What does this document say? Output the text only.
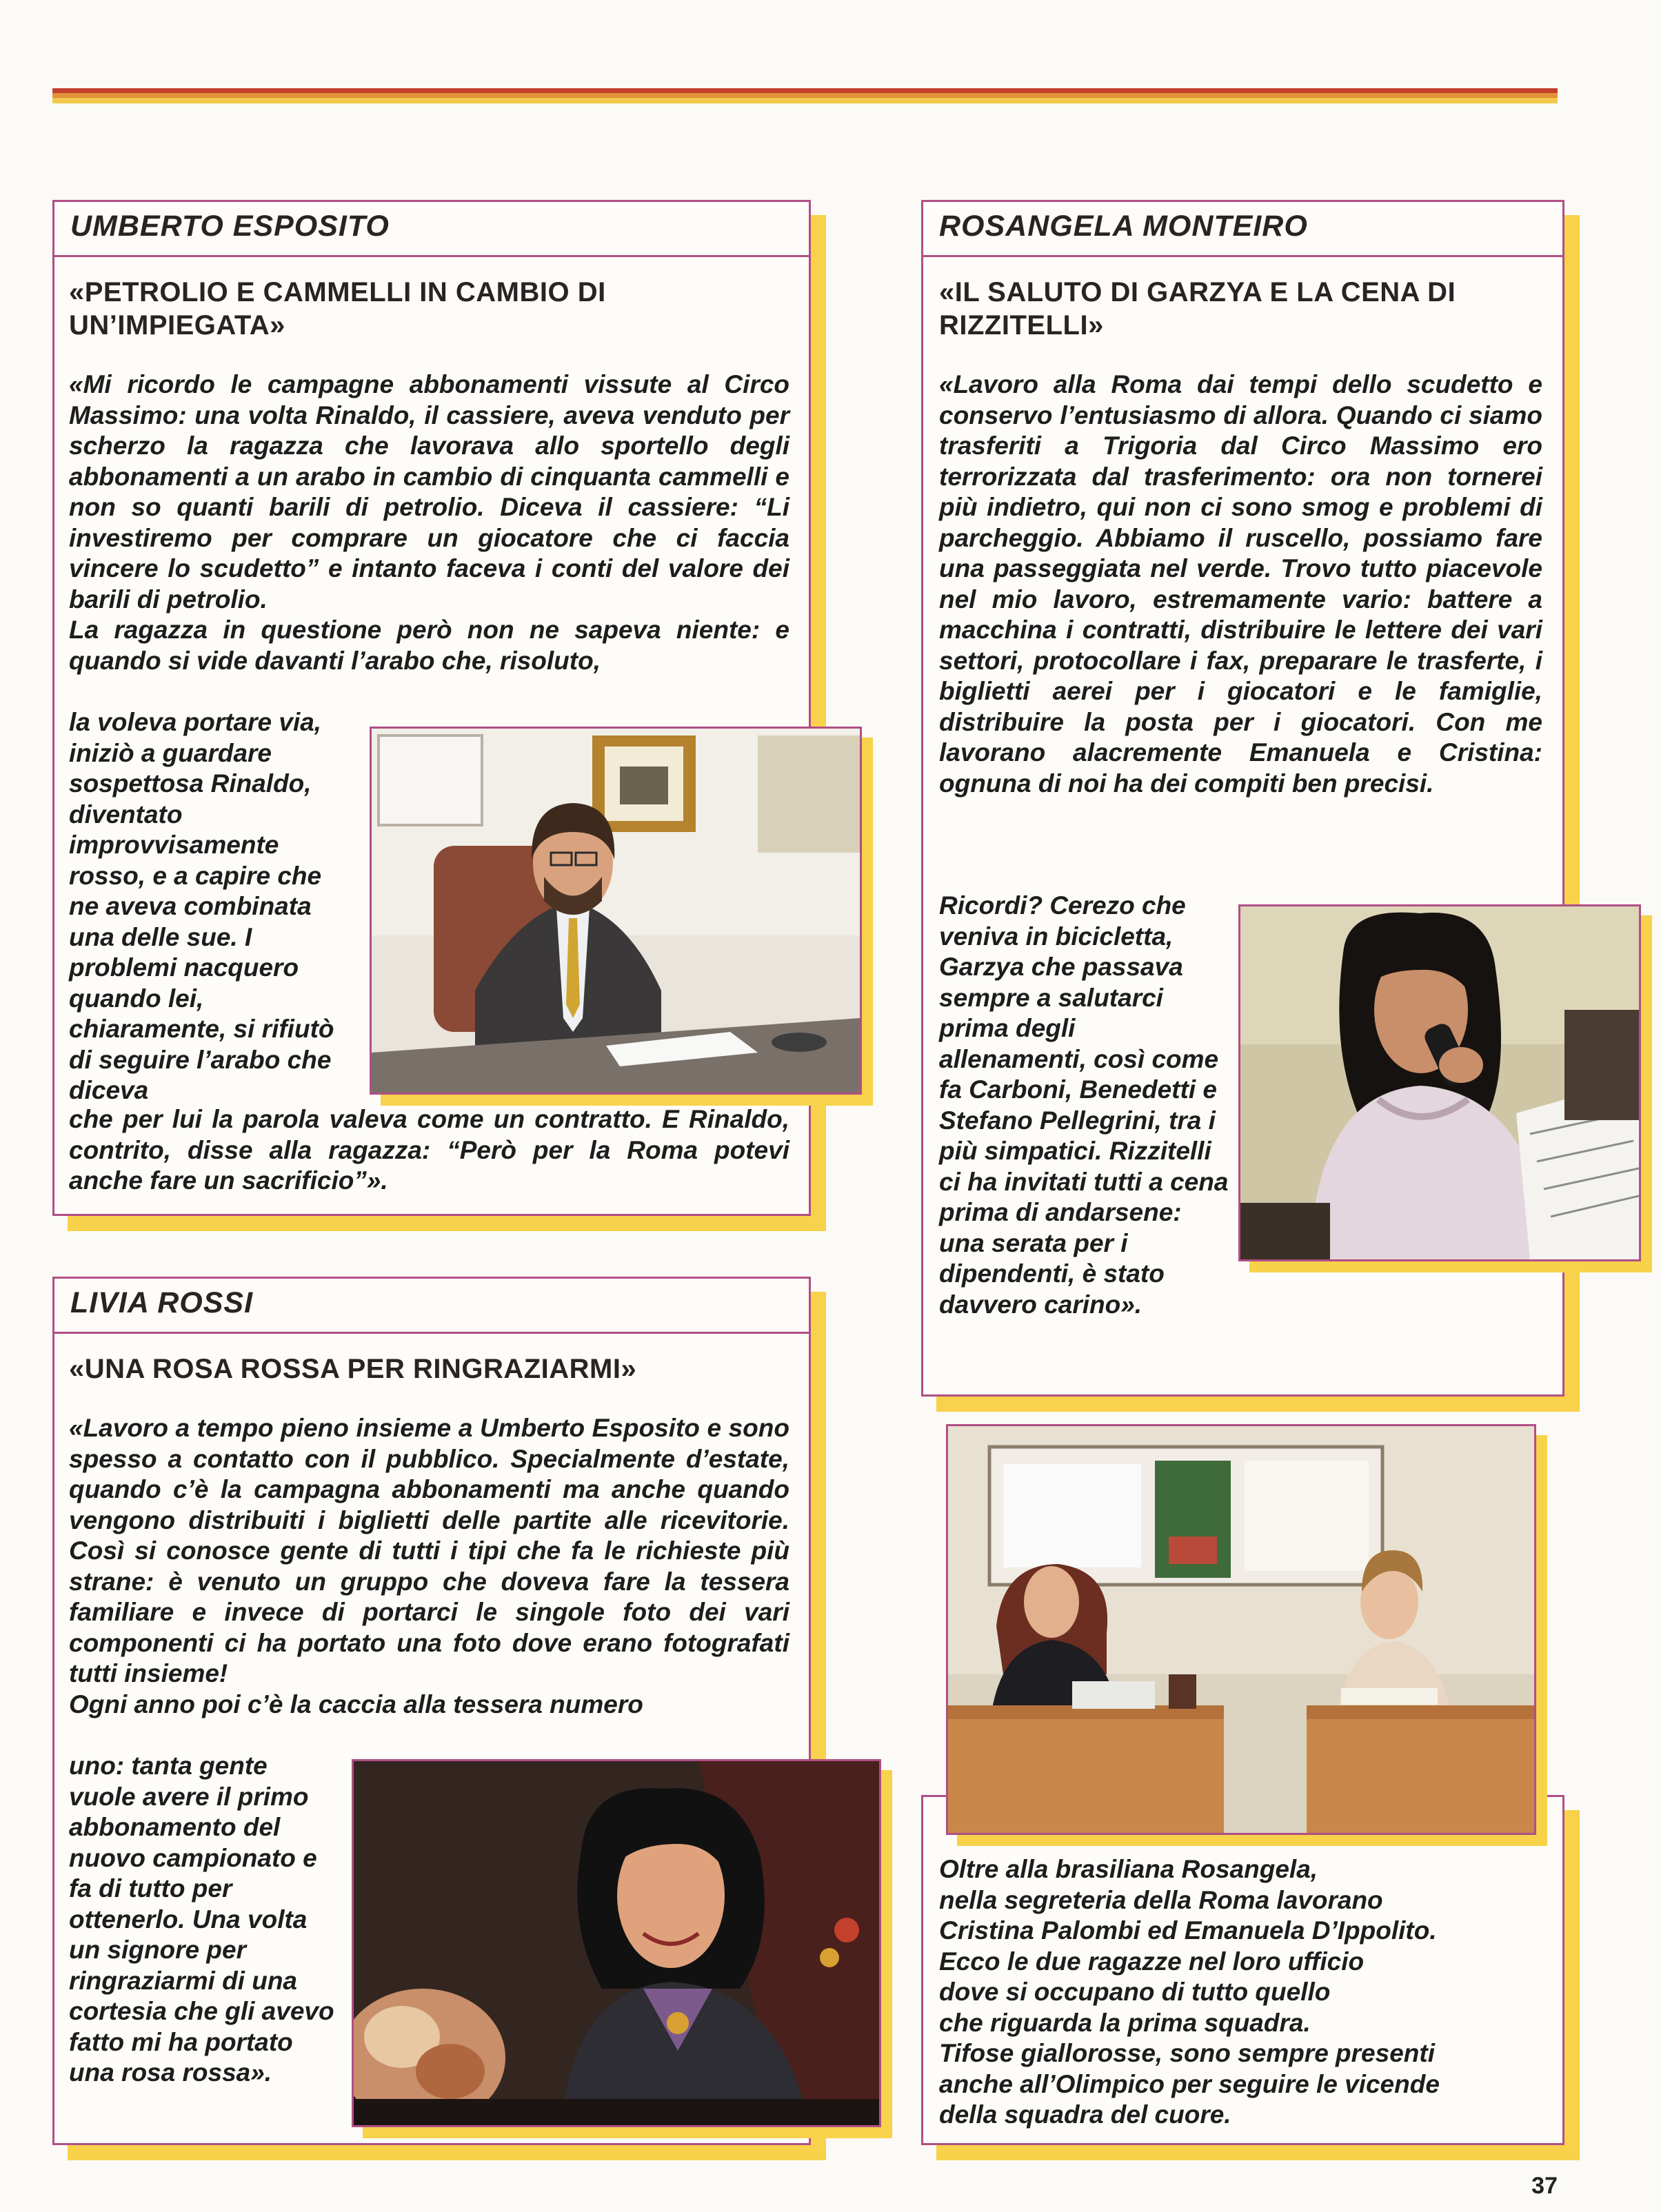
UMBERTO ESPOSITO
«PETROLIO E CAMMELLI IN CAMBIO DI UN’IMPIEGATA»

«Mi ricordo le campagne abbonamenti vissute al Circo Massimo: una volta Rinaldo, il cassiere, aveva venduto per scherzo la ragazza che lavorava allo sportello degli abbonamenti a un arabo in cambio di cinquanta cammelli e non so quanti barili di petrolio. Diceva il cassiere: “Li investiremo per comprare un giocatore che ci faccia vincere lo scudetto” e intanto faceva i conti del valore dei barili di petrolio.
La ragazza in questione però non ne sapeva niente: e quando si vide davanti l’arabo che, risoluto,

la voleva portare via, iniziò a guardare sospettosa Rinaldo, diventato improvvisamente rosso, e a capire che ne aveva combinata una delle sue. I problemi nacquero quando lei, chiaramente, si rifiutò di seguire l’arabo che diceva

che per lui la parola valeva come un contratto. E Rinaldo, contrito, disse alla ragazza: “Però per la Roma potevi anche fare un sacrificio”».

LIVIA ROSSI
«UNA ROSA ROSSA PER RINGRAZIARMI»

«Lavoro a tempo pieno insieme a Umberto Esposito e sono spesso a contatto con il pubblico. Specialmente d’estate, quando c’è la campagna abbonamenti ma anche quando vengono distribuiti i biglietti delle partite alle ricevitorie. Così si conosce gente di tutti i tipi che fa le richieste più strane: è venuto un gruppo che doveva fare la tessera familiare e invece di portarci le singole foto dei vari componenti ci ha portato una foto dove erano fotografati tutti insieme!
Ogni anno poi c’è la caccia alla tessera numero

uno: tanta gente vuole avere il primo abbonamento del nuovo campionato e fa di tutto per ottenerlo. Una volta un signore per ringraziarmi di una cortesia che gli avevo fatto mi ha portato una rosa rossa».

ROSANGELA MONTEIRO
«IL SALUTO DI GARZYA E LA CENA DI RIZZITELLI»

«Lavoro alla Roma dai tempi dello scudetto e conservo l’entusiasmo di allora. Quando ci siamo trasferiti a Trigoria dal Circo Massimo ero terrorizzata dal trasferimento: ora non tornerei più indietro, qui non ci sono smog e problemi di parcheggio. Abbiamo il ruscello, possiamo fare una passeggiata nel verde. Trovo tutto piacevole nel mio lavoro, estremamente vario: battere a macchina i contratti, distribuire le lettere dei vari settori, protocollare i fax, preparare le trasferte, i biglietti aerei per i giocatori e le famiglie, distribuire la posta per i giocatori. Con me lavorano alacremente Emanuela e Cristina: ognuna di noi ha dei compiti ben precisi.

Ricordi? Cerezo che veniva in bicicletta, Garzya che passava sempre a salutarci prima degli allenamenti, così come fa Carboni, Benedetti e Stefano Pellegrini, tra i più simpatici. Rizzitelli ci ha invitati tutti a cena prima di andarsene: una serata per i dipendenti, è stato davvero carino».

Oltre alla brasiliana Rosangela,
nella segreteria della Roma lavorano
Cristina Palombi ed Emanuela D’Ippolito.
Ecco le due ragazze nel loro ufficio
dove si occupano di tutto quello
che riguarda la prima squadra.
Tifose giallorosse, sono sempre presenti
anche all’Olimpico per seguire le vicende
della squadra del cuore.

37
